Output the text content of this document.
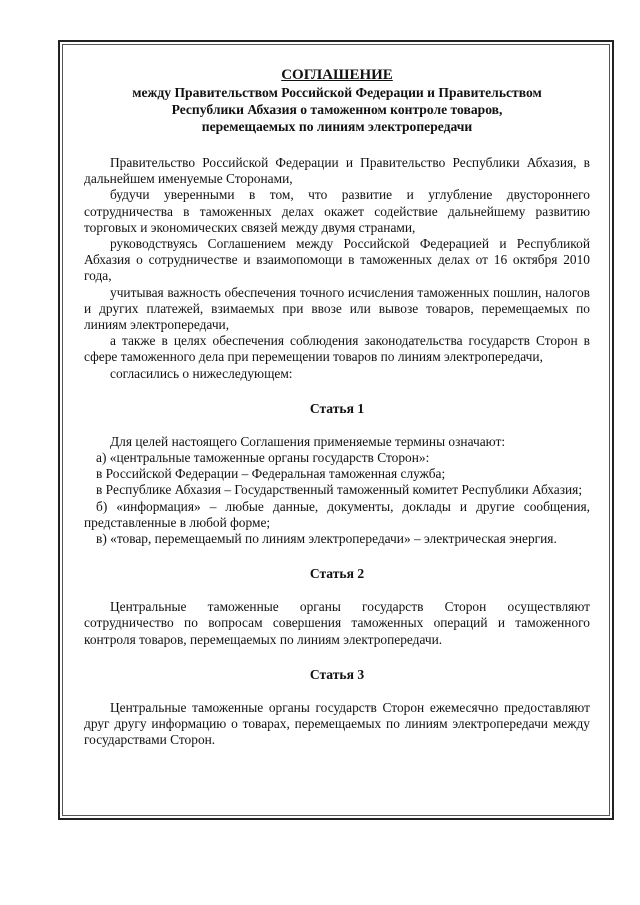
СОГЛАШЕНИЕ

между Правительством Российской Федерации и Правительством
Республики Абхазия о таможенном контроле товаров,
перемещаемых по линиям электропередачи

Правительство Российской Федерации и Правительство Республики Абхазия, в дальнейшем именуемые Сторонами,

будучи уверенными в том, что развитие и углубление двустороннего сотрудничества в таможенных делах окажет содействие дальнейшему развитию торговых и экономических связей между двумя странами,

руководствуясь Соглашением между Российской Федерацией и Республикой Абхазия о сотрудничестве и взаимопомощи в таможенных делах от 16 октября 2010 года,

учитывая важность обеспечения точного исчисления таможенных пошлин, налогов и других платежей, взимаемых при ввозе или вывозе товаров, перемещаемых по линиям электропередачи,

а также в целях обеспечения соблюдения законодательства государств Сторон в сфере таможенного дела при перемещении товаров по линиям электропередачи,

согласились о нижеследующем:

Статья 1

Для целей настоящего Соглашения применяемые термины означают:

а) «центральные таможенные органы государств Сторон»:

в Российской Федерации – Федеральная таможенная служба;

в Республике Абхазия – Государственный таможенный комитет Республики Абхазия;

б) «информация» – любые данные, документы, доклады и другие сообщения, представленные в любой форме;

в) «товар, перемещаемый по линиям электропередачи» – электрическая энергия.

Статья 2

Центральные таможенные органы государств Сторон осуществляют сотрудничество по вопросам совершения таможенных операций и таможенного контроля товаров, перемещаемых по линиям электропередачи.

Статья 3

Центральные таможенные органы государств Сторон ежемесячно предоставляют друг другу информацию о товарах, перемещаемых по линиям электропередачи между государствами Сторон.
